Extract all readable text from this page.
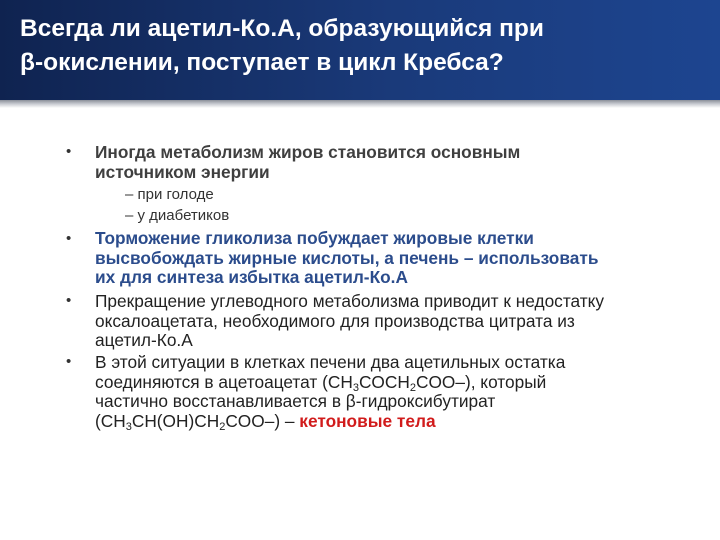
Всегда ли ацетил-Ко.А, образующийся при
β-окислении, поступает в цикл Кребса?
• Иногда метаболизм жиров становится основным
источником энергии
– при голоде
– у диабетиков
• Торможение гликолиза побуждает жировые клетки
высвобождать жирные кислоты, а печень – использовать
их для синтеза избытка ацетил-Ко.А
• Прекращение углеводного метаболизма приводит к недостатку
оксалоацетата, необходимого для производства цитрата из
ацетил-Ко.А
• В этой ситуации в клетках печени два ацетильных остатка
соединяются в ацетоацетат $(CH_3COCH_2COO-)$, который
частично восстанавливается в β-гидроксибутират
$(CH_3CH(OH)CH_2COO-)$ – кетоновые тела
